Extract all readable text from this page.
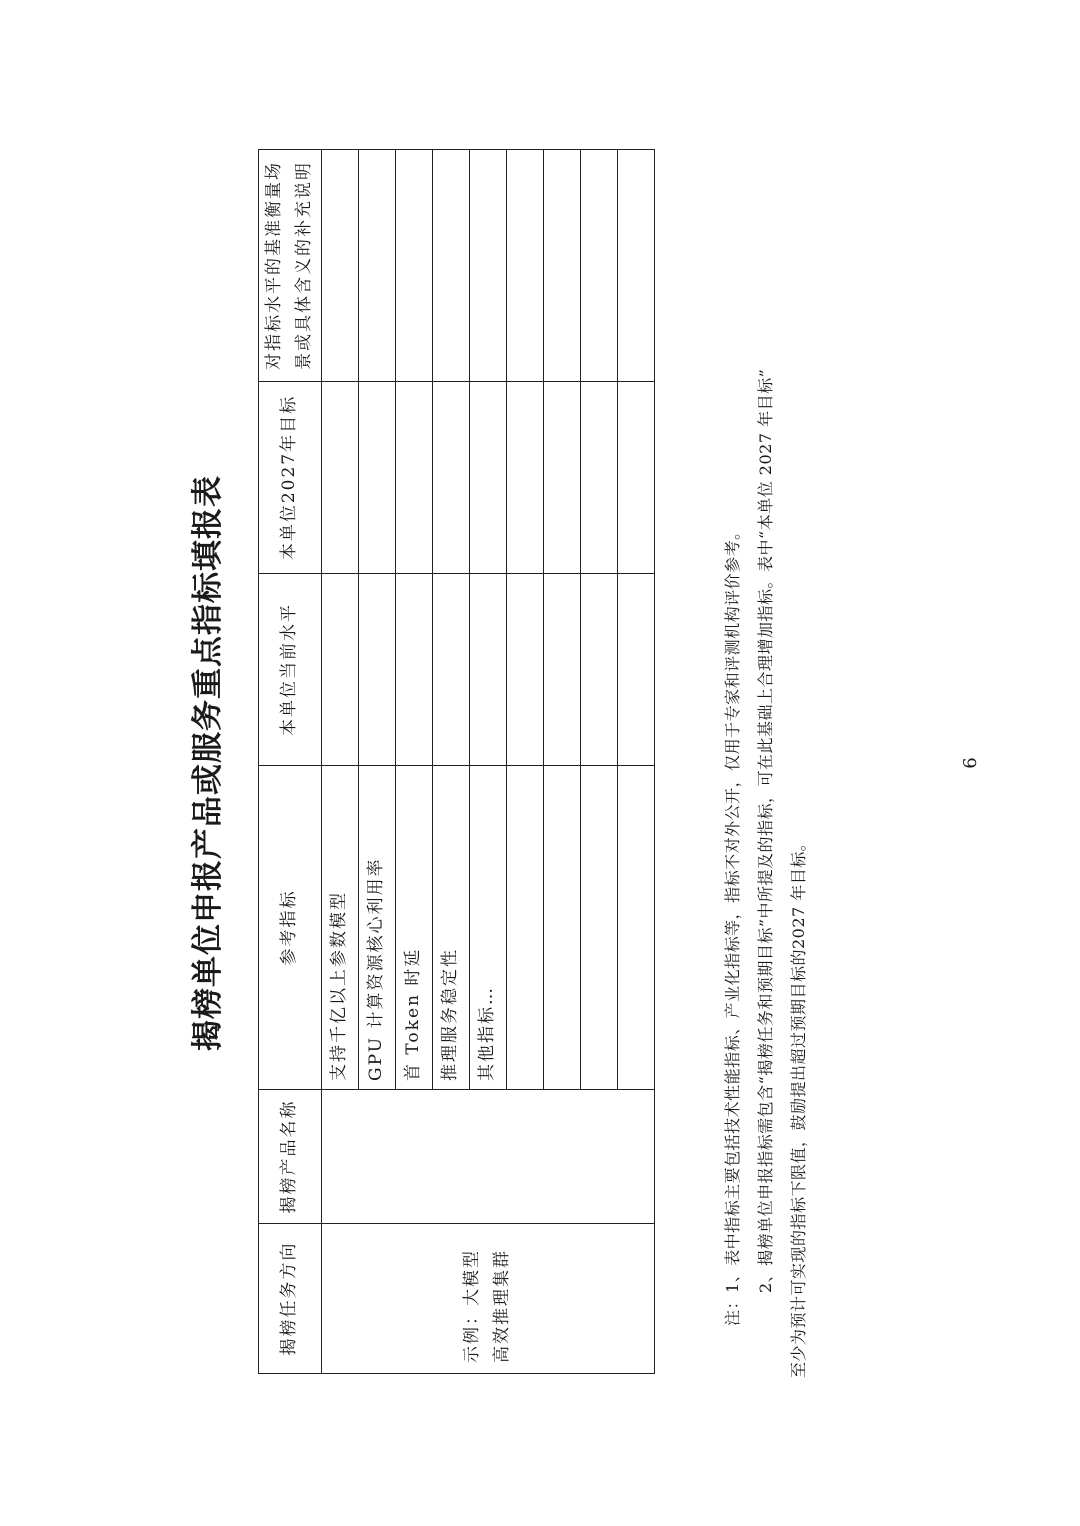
揭榜单位申报产品或服务重点指标填报表
揭榜任务方向	揭榜产品名称	参考指标	本单位当前水平	本单位2027年目标	对指标水平的基准衡量场景或具体含义的补充说明

示例：大模型 高效推理集群		支持千亿以上参数模型			
		GPU 计算资源核心利用率			
		首 Token 时延			
		推理服务稳定性			
		其他指标…			

				注：1、表中指标主要包括技术性能指标、产业化指标等，指标不对外公开，仅用于专家和评测机构评价参考。 2、揭榜单位申报指标需包含“揭榜任务和预期目标”中所提及的指标，可在此基础上合理增加指标。表中“本单位 2027 年目标” 至少为预计可实现的指标下限值，鼓励提出超过预期目标的2027 年目标。
6
